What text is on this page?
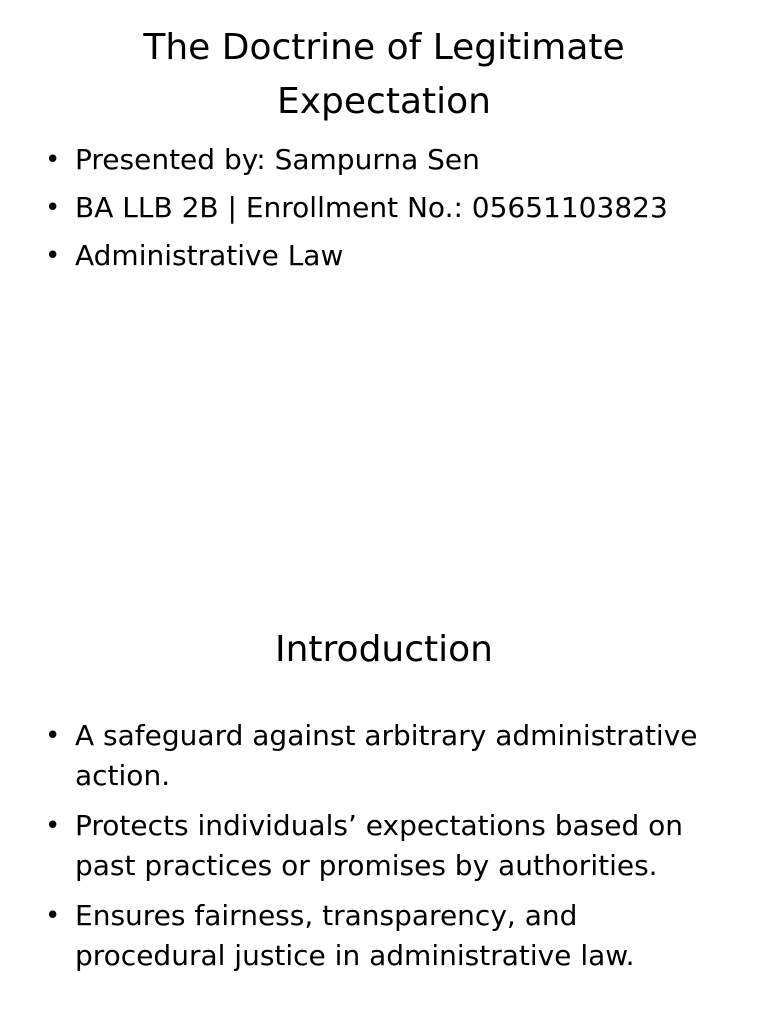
The Doctrine of Legitimate Expectation
• Presented by: Sampurna Sen
• BA LLB 2B | Enrollment No.: 05651103823
• Administrative Law
Introduction
• A safeguard against arbitrary administrative action.
• Protects individuals’ expectations based on past practices or promises by authorities.
• Ensures fairness, transparency, and procedural justice in administrative law.
